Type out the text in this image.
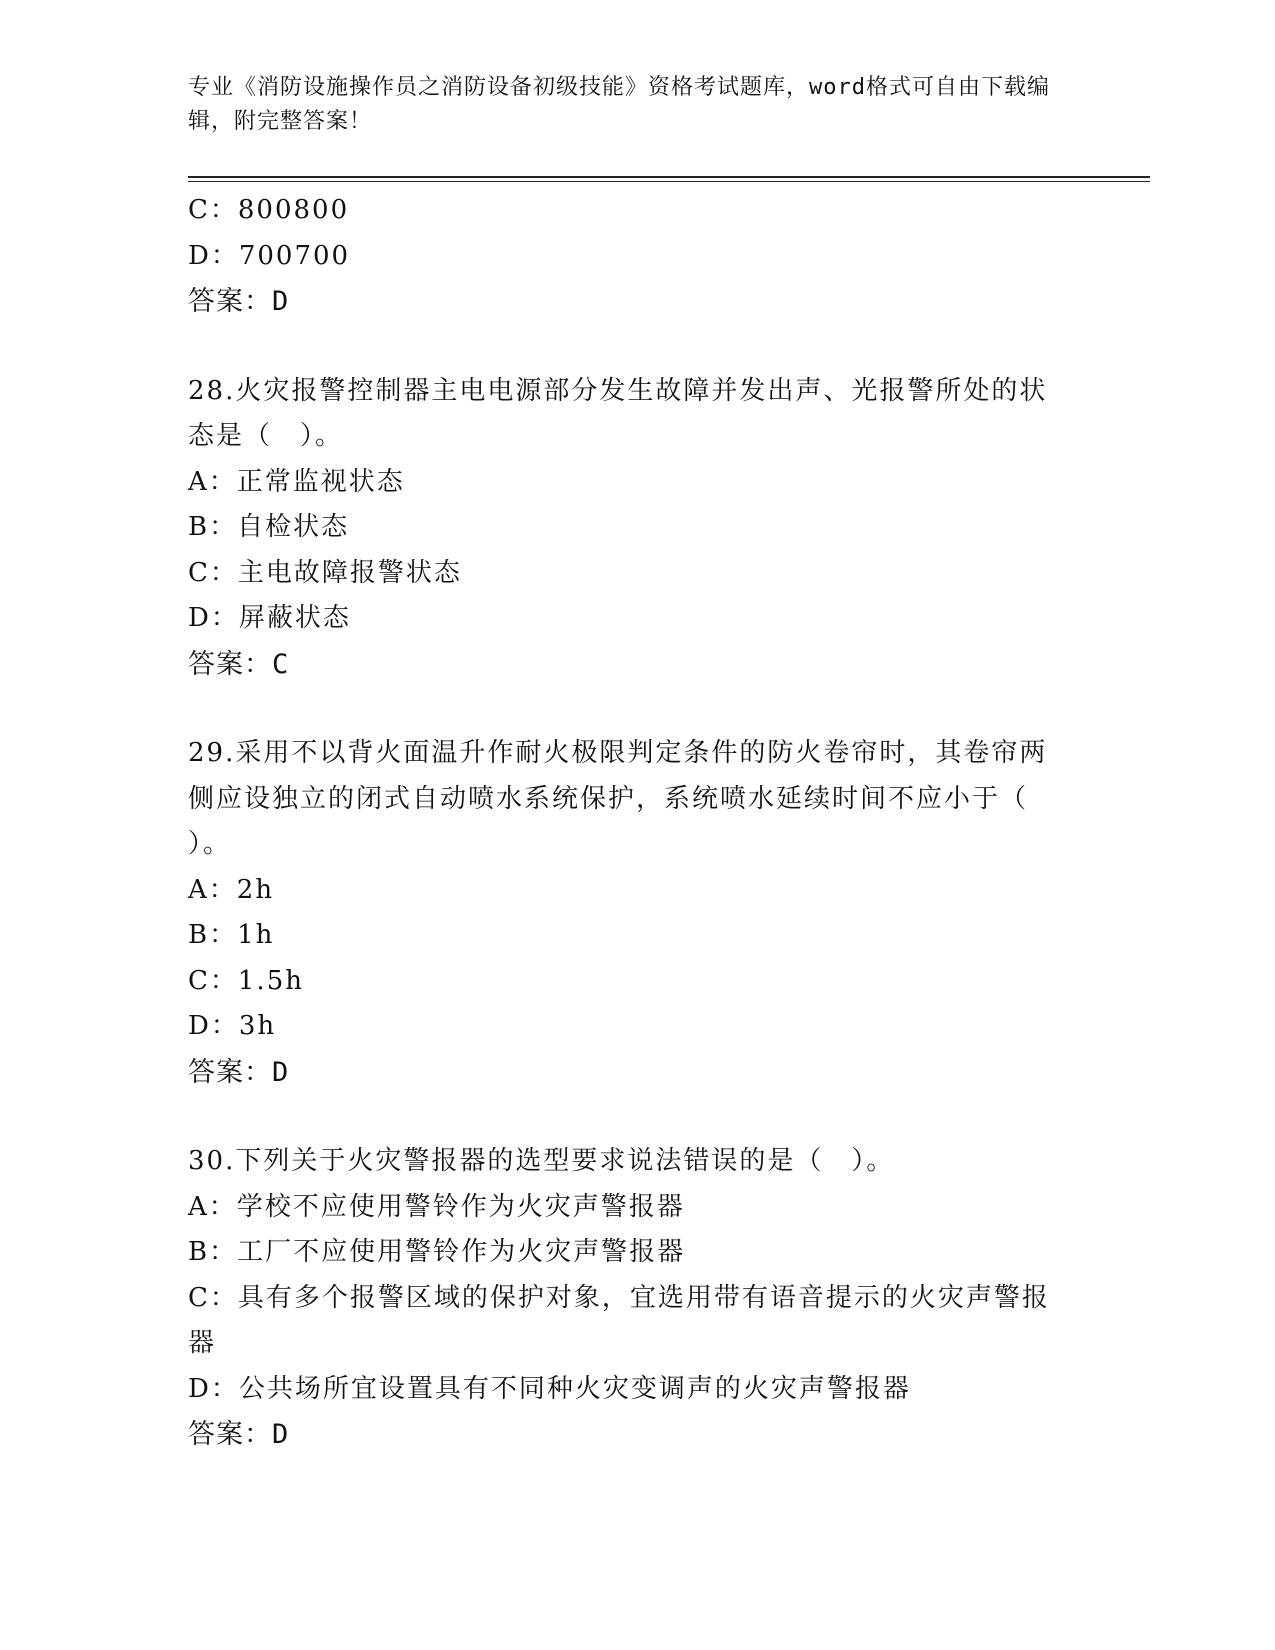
专业《消防设施操作员之消防设备初级技能》资格考试题库，word格式可自由下载编辑，附完整答案！
C：800800
D：700700
答案：D
28.火灾报警控制器主电电源部分发生故障并发出声、光报警所处的状
态是（　）。
A：正常监视状态
B：自检状态
C：主电故障报警状态
D：屏蔽状态
答案：C
29.采用不以背火面温升作耐火极限判定条件的防火卷帘时，其卷帘两
侧应设独立的闭式自动喷水系统保护，系统喷水延续时间不应小于（
）。
A：2h
B：1h
C：1.5h
D：3h
答案：D
30.下列关于火灾警报器的选型要求说法错误的是（　）。
A：学校不应使用警铃作为火灾声警报器
B：工厂不应使用警铃作为火灾声警报器
C：具有多个报警区域的保护对象，宜选用带有语音提示的火灾声警报
器
D：公共场所宜设置具有不同种火灾变调声的火灾声警报器
答案：D
